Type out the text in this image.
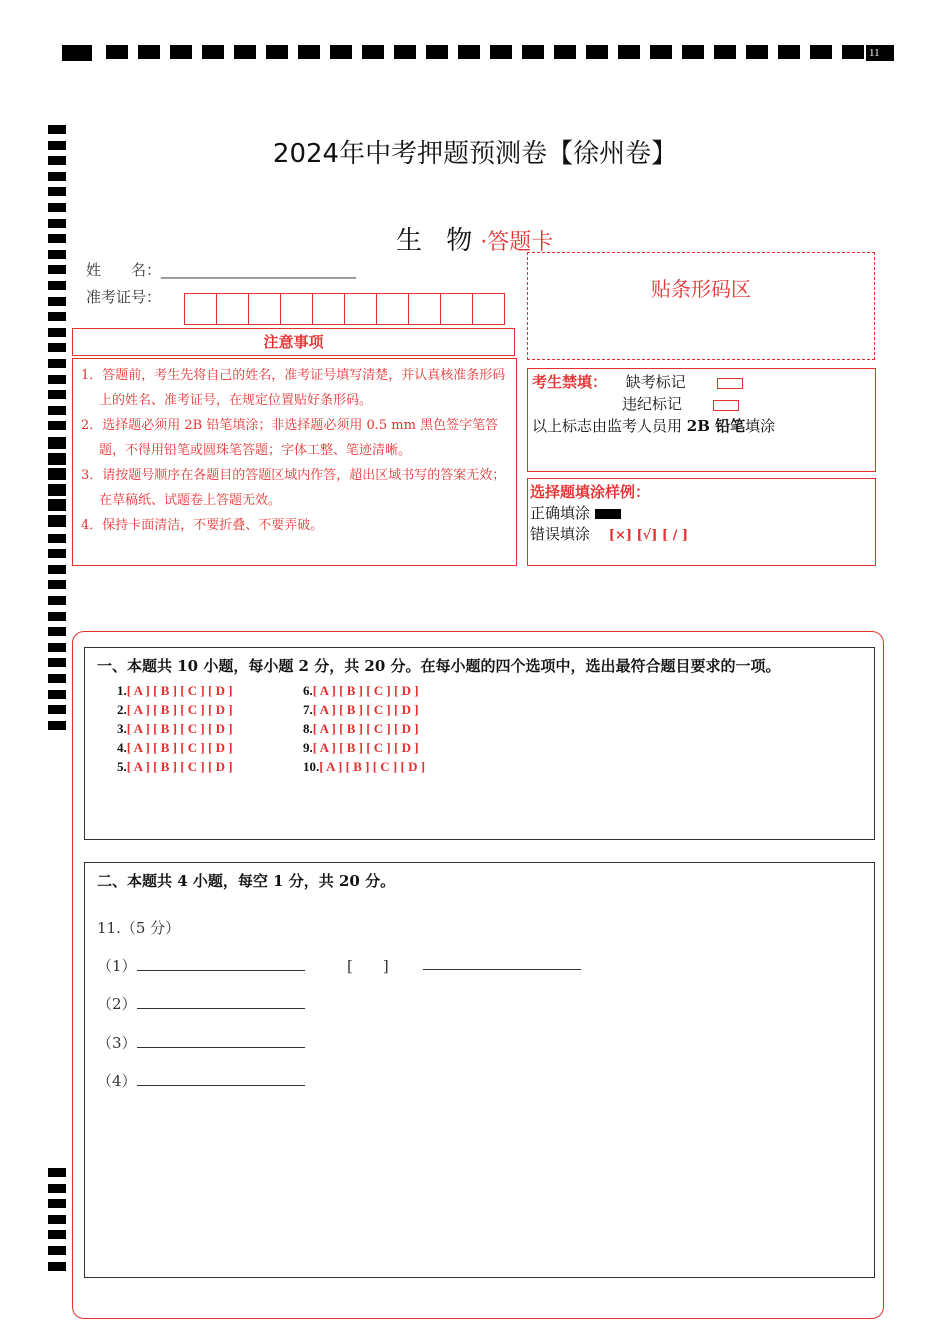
11
2024年中考押题预测卷【徐州卷】
生 物·答题卡
姓　　名：__________________________
准考证号：	贴条形码区
注意事项

1．答题前，考生先将自己的姓名，准考证号填写清楚，并认真核准条形码上的姓名、准考证号，在规定位置贴好条形码。

2．选择题必须用 2B 铅笔填涂；非选择题必须用 0.5 mm 黑色签字笔答题，不得用铅笔或圆珠笔答题；字体工整、笔迹清晰。

3．请按题号顺序在各题目的答题区域内作答，超出区域书写的答案无效；在草稿纸、试题卷上答题无效。

4．保持卡面清洁，不要折叠、不要弄破。

考生禁填： 缺考标记
违纪标记
以上标志由监考人员用 2B 铅笔填涂
选择题填涂样例：
正确填涂
错误填涂 [×] [√] [ / ]
一、本题共 10 小题，每小题 2 分，共 20 分。在每小题的四个选项中，选出最符合题目要求的一项。
1.[ A ] [ B ] [ C ] [ D ]
2.[ A ] [ B ] [ C ] [ D ]
3.[ A ] [ B ] [ C ] [ D ]
4.[ A ] [ B ] [ C ] [ D ]
5.[ A ] [ B ] [ C ] [ D ]
6.[ A ] [ B ] [ C ] [ D ]
7.[ A ] [ B ] [ C ] [ D ]
8.[ A ] [ B ] [ C ] [ D ]
9.[ A ] [ B ] [ C ] [ D ]
10.[ A ] [ B ] [ C ] [ D ]
二、本题共 4 小题，每空 1 分，共 20 分。
11.（5 分）
（1）	[　　]
（2）
（3）
（4）
